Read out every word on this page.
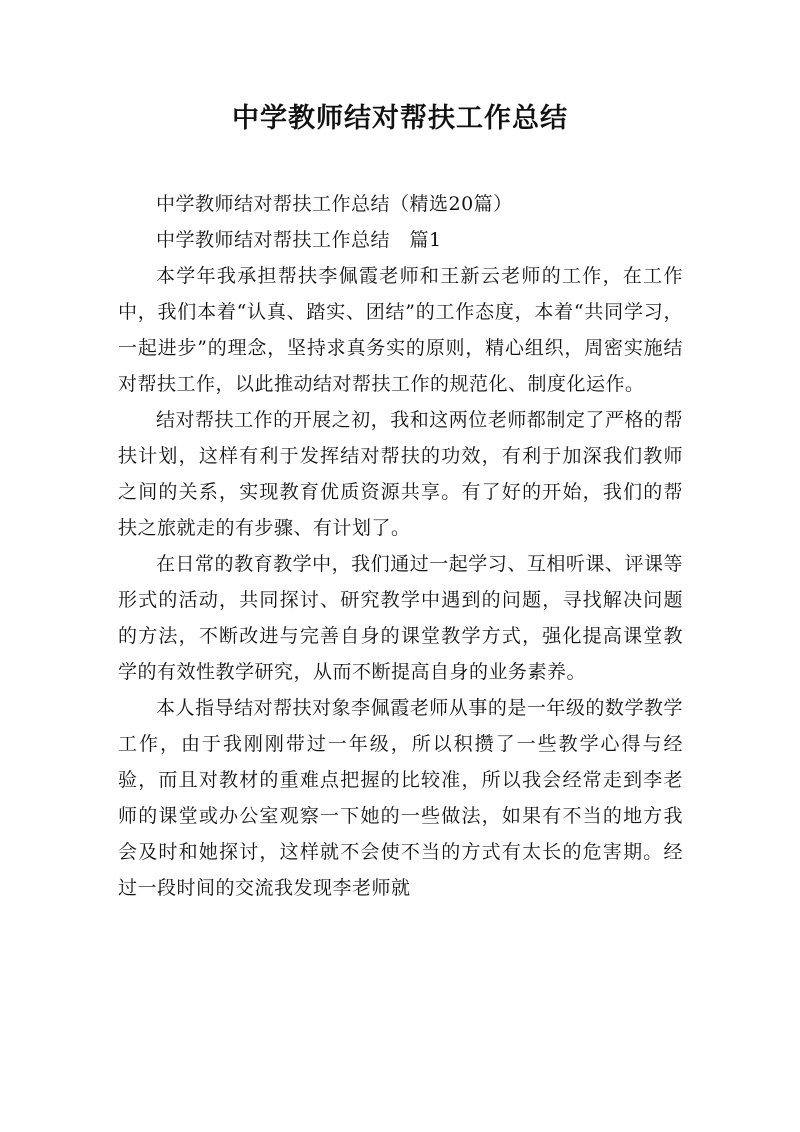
中学教师结对帮扶工作总结

中学教师结对帮扶工作总结（精选20篇）

中学教师结对帮扶工作总结　篇1

本学年我承担帮扶李佩霞老师和王新云老师的工作，在工作中，我们本着“认真、踏实、团结”的工作态度，本着“共同学习，一起进步”的理念，坚持求真务实的原则，精心组织，周密实施结对帮扶工作，以此推动结对帮扶工作的规范化、制度化运作。

结对帮扶工作的开展之初，我和这两位老师都制定了严格的帮扶计划，这样有利于发挥结对帮扶的功效，有利于加深我们教师之间的关系，实现教育优质资源共享。有了好的开始，我们的帮扶之旅就走的有步骤、有计划了。

在日常的教育教学中，我们通过一起学习、互相听课、评课等形式的活动，共同探讨、研究教学中遇到的问题，寻找解决问题的方法，不断改进与完善自身的课堂教学方式，强化提高课堂教学的有效性教学研究，从而不断提高自身的业务素养。

本人指导结对帮扶对象李佩霞老师从事的是一年级的数学教学工作，由于我刚刚带过一年级，所以积攒了一些教学心得与经验，而且对教材的重难点把握的比较准，所以我会经常走到李老师的课堂或办公室观察一下她的一些做法，如果有不当的地方我会及时和她探讨，这样就不会使不当的方式有太长的危害期。经过一段时间的交流我发现李老师就
